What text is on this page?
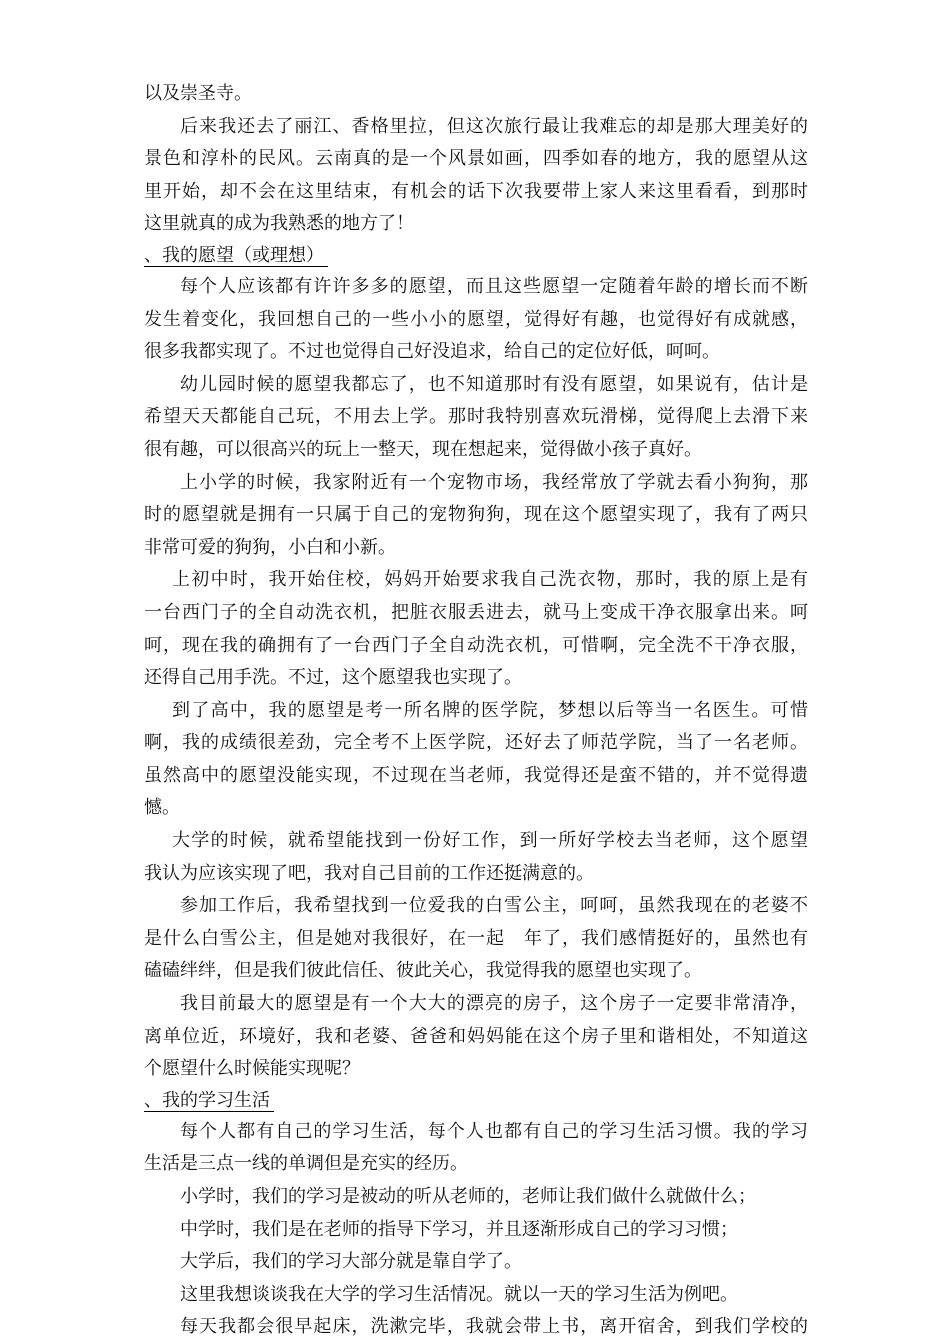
以及崇圣寺。
后来我还去了丽江、香格里拉，但这次旅行最让我难忘的却是那大理美好的
景色和淳朴的民风。云南真的是一个风景如画，四季如春的地方，我的愿望从这
里开始，却不会在这里结束，有机会的话下次我要带上家人来这里看看，到那时
这里就真的成为我熟悉的地方了！
、我的愿望（或理想）
每个人应该都有许许多多的愿望，而且这些愿望一定随着年龄的增长而不断
发生着变化，我回想自己的一些小小的愿望，觉得好有趣，也觉得好有成就感，
很多我都实现了。不过也觉得自己好没追求，给自己的定位好低，呵呵。
幼儿园时候的愿望我都忘了，也不知道那时有没有愿望，如果说有，估计是
希望天天都能自己玩，不用去上学。那时我特别喜欢玩滑梯，觉得爬上去滑下来
很有趣，可以很高兴的玩上一整天，现在想起来，觉得做小孩子真好。
上小学的时候，我家附近有一个宠物市场，我经常放了学就去看小狗狗，那
时的愿望就是拥有一只属于自己的宠物狗狗，现在这个愿望实现了，我有了两只
非常可爱的狗狗，小白和小新。
上初中时，我开始住校，妈妈开始要求我自己洗衣物，那时，我的原上是有
一台西门子的全自动洗衣机，把脏衣服丢进去，就马上变成干净衣服拿出来。呵
呵，现在我的确拥有了一台西门子全自动洗衣机，可惜啊，完全洗不干净衣服，
还得自己用手洗。不过，这个愿望我也实现了。
到了高中，我的愿望是考一所名牌的医学院，梦想以后等当一名医生。可惜
啊，我的成绩很差劲，完全考不上医学院，还好去了师范学院，当了一名老师。
虽然高中的愿望没能实现，不过现在当老师，我觉得还是蛮不错的，并不觉得遗
憾。
大学的时候，就希望能找到一份好工作，到一所好学校去当老师，这个愿望
我认为应该实现了吧，我对自己目前的工作还挺满意的。
参加工作后，我希望找到一位爱我的白雪公主，呵呵，虽然我现在的老婆不
是什么白雪公主，但是她对我很好，在一起　年了，我们感情挺好的，虽然也有
磕磕绊绊，但是我们彼此信任、彼此关心，我觉得我的愿望也实现了。
我目前最大的愿望是有一个大大的漂亮的房子，这个房子一定要非常清净，
离单位近，环境好，我和老婆、爸爸和妈妈能在这个房子里和谐相处，不知道这
个愿望什么时候能实现呢？
、我的学习生活
每个人都有自己的学习生活，每个人也都有自己的学习生活习惯。我的学习
生活是三点一线的单调但是充实的经历。
小学时，我们的学习是被动的听从老师的，老师让我们做什么就做什么；
中学时，我们是在老师的指导下学习，并且逐渐形成自己的学习习惯；
大学后，我们的学习大部分就是靠自学了。
这里我想谈谈我在大学的学习生活情况。就以一天的学习生活为例吧。
每天我都会很早起床，洗漱完毕，我就会带上书，离开宿舍，到我们学校的
